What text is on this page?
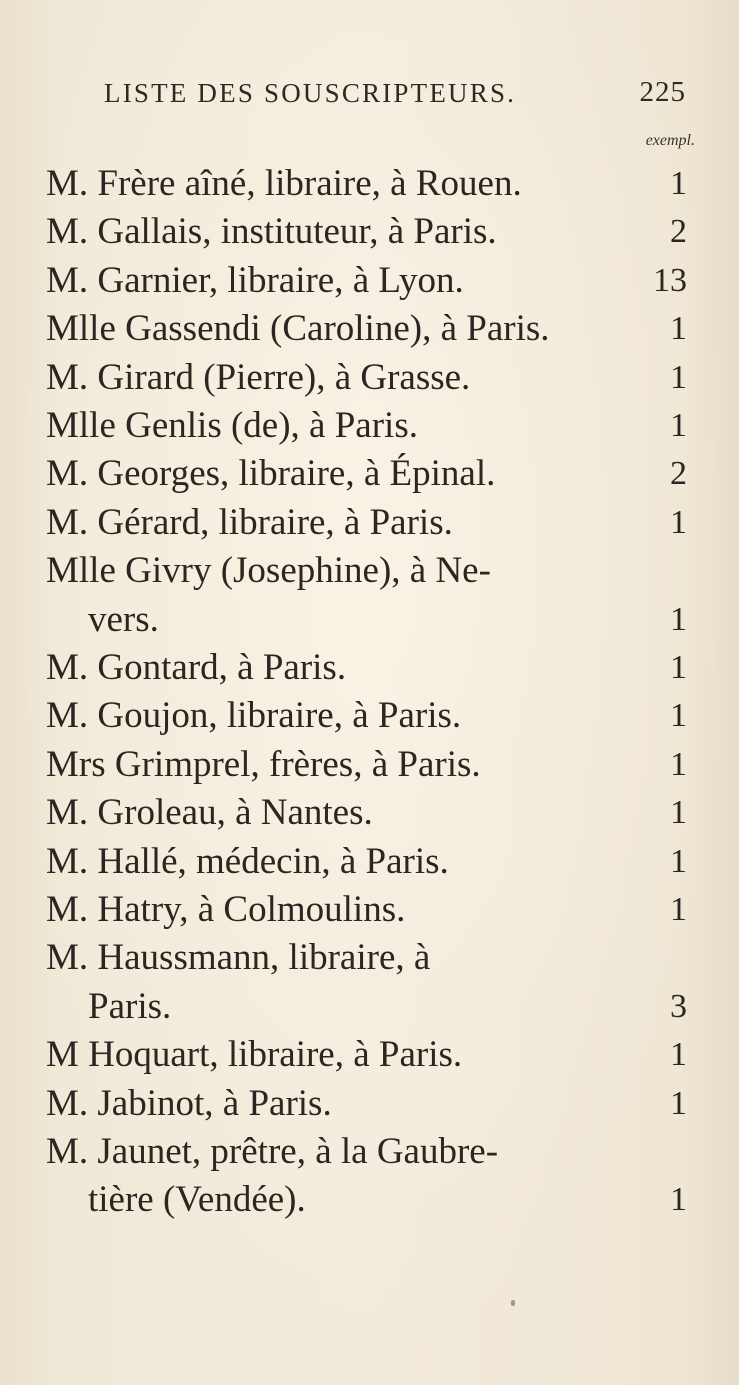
LISTE DES SOUSCRIPTEURS.	225
exempl.
M. Frère aîné, libraire, à Rouen.	1
M. Gallais, instituteur, à Paris.	2
M. Garnier, libraire, à Lyon.	13
Mlle Gassendi (Caroline), à Paris.	1
M. Girard (Pierre), à Grasse.	1
Mlle Genlis (de), à Paris.	1
M. Georges, libraire, à Épinal.	2
M. Gérard, libraire, à Paris.	1
Mlle Givry (Josephine), à Ne-
vers.	1
M. Gontard, à Paris.	1
M. Goujon, libraire, à Paris.	1
Mrs Grimprel, frères, à Paris.	1
M. Groleau, à Nantes.	1
M. Hallé, médecin, à Paris.	1
M. Hatry, à Colmoulins.	1
M. Haussmann, libraire, à
Paris.	3
M Hoquart, libraire, à Paris.	1
M. Jabinot, à Paris.	1
M. Jaunet, prêtre, à la Gaubre-
tière (Vendée).	1
